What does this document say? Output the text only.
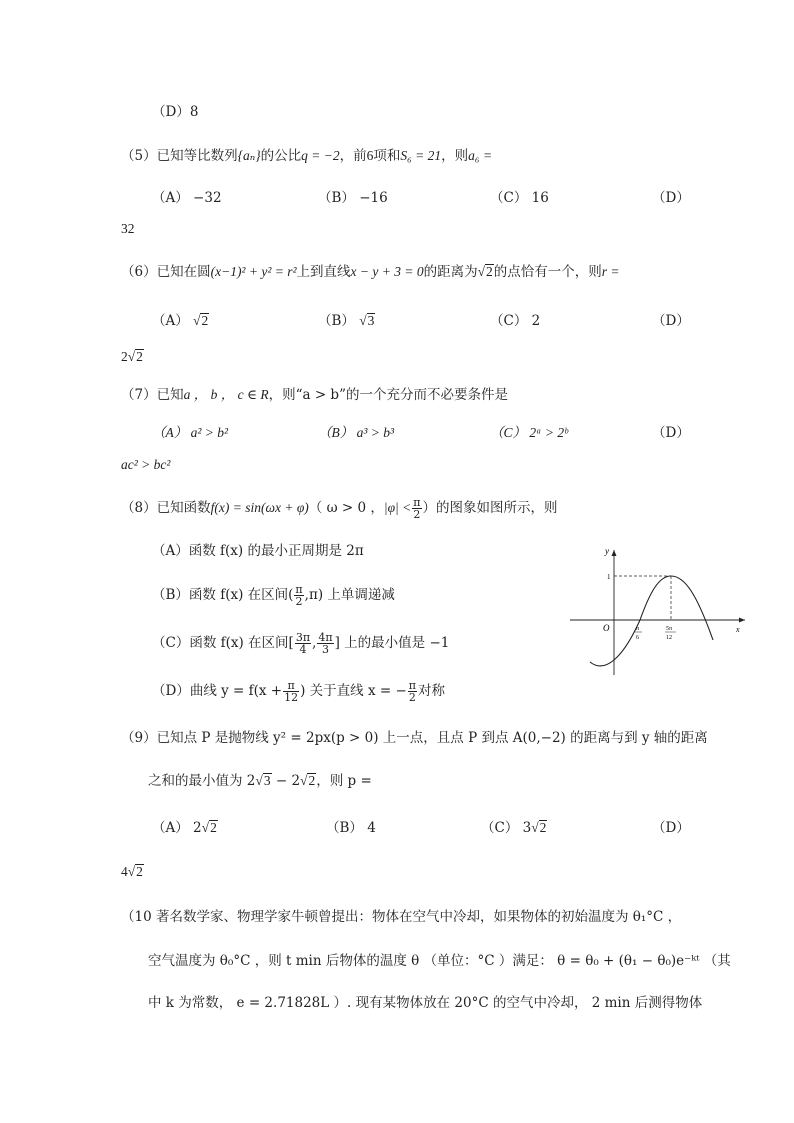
（D）8
（5）已知等比数列{aₙ}的公比q = −2，前6项和S₆ = 21，则a₆ =
（A） −32	（B） −16	（C） 16	（D）
32
（6）已知在圆(x−1)² + y² = r²上到直线x − y + 3 = 0的距离为√2的点恰有一个，则r =
（A） √2	（B） √3	（C） 2	（D）
2√2
（7）已知a ， b ， c ∈ R，则“a > b”的一个充分而不必要条件是
（A） a² > b²	（B） a³ > b³	（C） 2ᵃ > 2ᵇ	（D）
ac² > bc²
（8）已知函数f(x) = sin(ωx + φ)（ ω > 0 ，$|\varphi| < \frac{\pi}{2}$ ）的图象如图所示，则
（A）函数 f(x) 的最小正周期是 2π
（B）函数 f(x) 在区间( $\frac{\pi}{2} ,\pi$) 上单调递减
（C）函数 f(x) 在区间[ $\frac{3\pi}{4}$ , $\frac{4\pi}{3}$ ] 上的最小值是 −1
（D）曲线 $y = f(x + \frac{\pi}{12}$ ) 关于直线 x = − $\frac{\pi}{2}$ 对称
y
x
O
1
π
6
5π
12
（9）已知点 P 是抛物线 y² = 2px(p > 0) 上一点，且点 P 到点 A(0,−2) 的距离与到 y 轴的距离
之和的最小值为 2√3 − 2√2，则 p =
（A） 2√2	（B） 4	（C） 3√2	（D）
4√2
（10 著名数学家、物理学家牛顿曾提出：物体在空气中冷却，如果物体的初始温度为 θ₁°C ，
空气温度为 θ₀°C ，则 t min 后物体的温度 θ （单位：°C ）满足： θ = θ₀ + (θ₁ − θ₀)e⁻ᵏᵗ （其
中 k 为常数， e = 2.71828L ）. 现有某物体放在 20°C 的空气中冷却， 2 min 后测得物体
